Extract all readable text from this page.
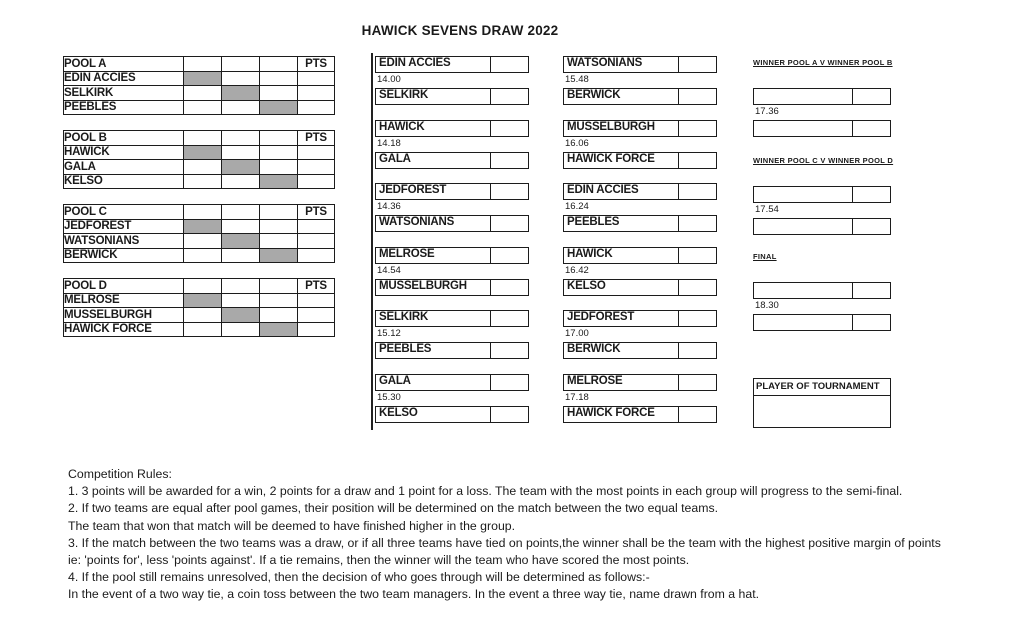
HAWICK SEVENS DRAW 2022
POOL A				PTS
EDIN ACCIES				
SELKIRK				
PEEBLES				
POOL B				PTS
HAWICK				
GALA				
KELSO				
POOL C				PTS
JEDFOREST				
WATSONIANS				
BERWICK				
POOL D				PTS
MELROSE				
MUSSELBURGH				
HAWICK FORCE				
EDIN ACCIES
14.00
SELKIRK
HAWICK
14.18
GALA
JEDFOREST
14.36
WATSONIANS
MELROSE
14.54
MUSSELBURGH
SELKIRK
15.12
PEEBLES
GALA
15.30
KELSO
WATSONIANS
15.48
BERWICK
MUSSELBURGH
16.06
HAWICK FORCE
EDIN ACCIES
16.24
PEEBLES
HAWICK
16.42
KELSO
JEDFOREST
17.00
BERWICK
MELROSE
17.18
HAWICK FORCE
PLAYER OF TOURNAMENT
WINNER POOL A V WINNER POOL B
17.36
WINNER POOL C V WINNER POOL D
17.54
FINAL
18.30
Competition Rules:
1. 3 points will be awarded for a win, 2 points for a draw and 1 point for a loss. The team with the most points in each group will progress to the semi-final.
2. If two teams are equal after pool games, their position will be determined on the match between the two equal teams.
The team that won that match will be deemed to have finished higher in the group.
3. If the match between the two teams was a draw, or if all three teams have tied on points,the winner shall be the team with the highest positive margin of points
ie: 'points for', less 'points against'. If a tie remains, then the winner will the team who have scored the most points.
4. If the pool still remains unresolved, then the decision of who goes through will be determined as follows:-
In the event of a two way tie, a coin toss between the two team managers. In the event a three way tie, name drawn from a hat.
